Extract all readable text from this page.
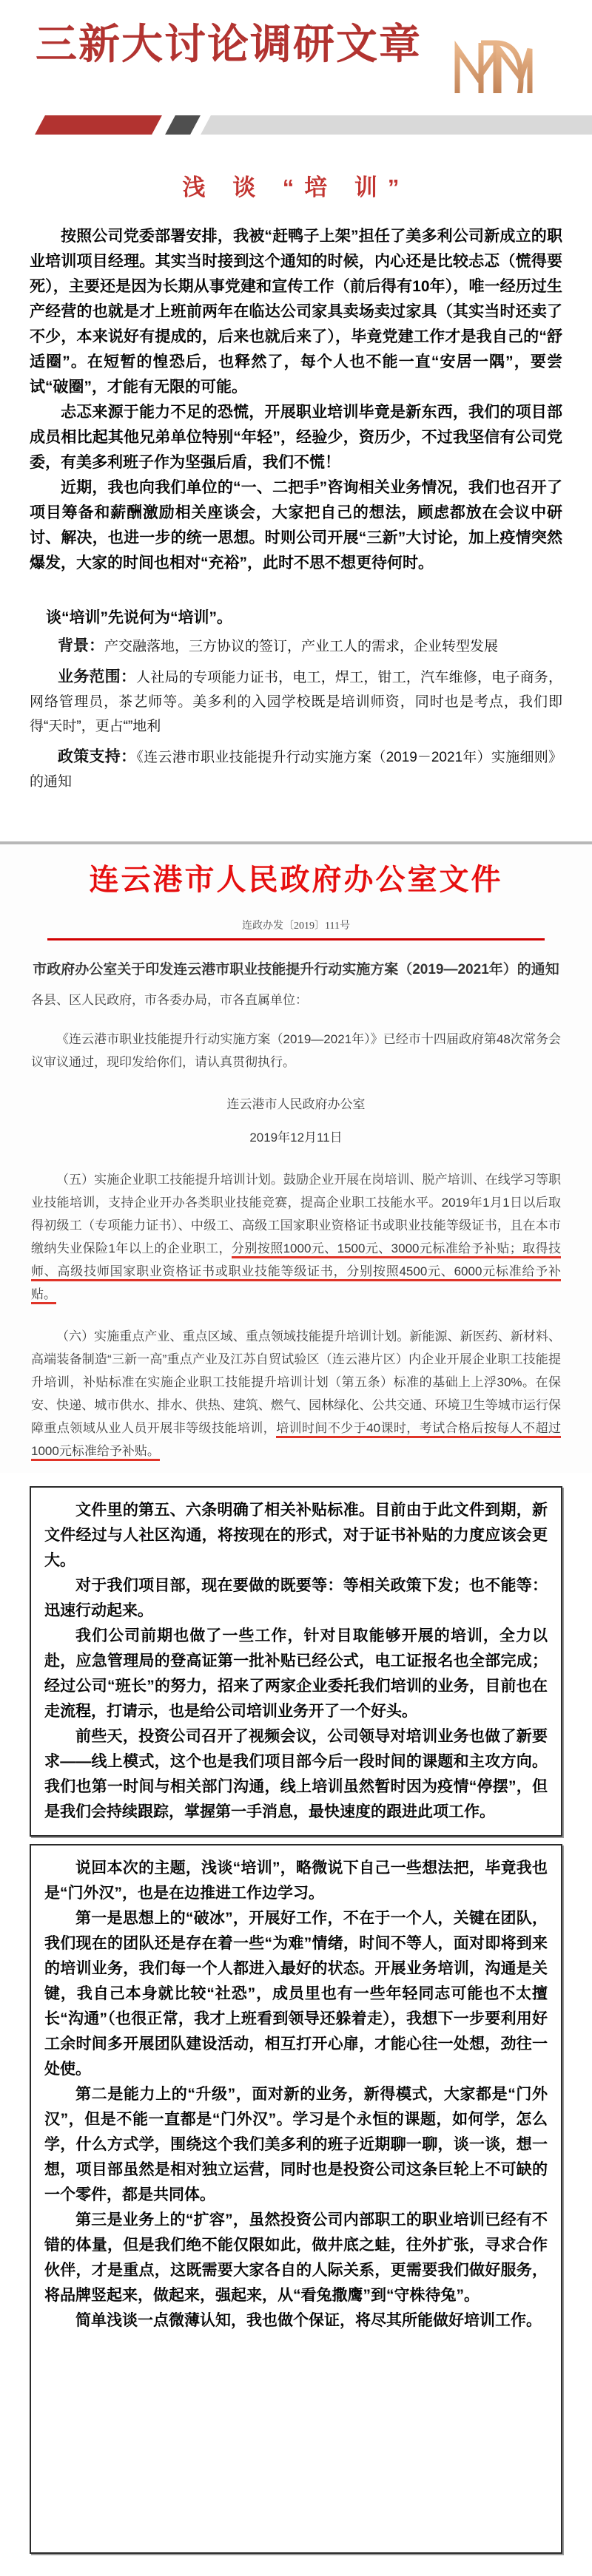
三新大讨论调研文章
浅 谈 “培 训”

按照公司党委部署安排，我被“赶鸭子上架”担任了美多利公司新成立的职业培训项目经理。其实当时接到这个通知的时候，内心还是比较忐忑（慌得要死），主要还是因为长期从事党建和宣传工作（前后得有10年），唯一经历过生产经营的也就是才上班前两年在临达公司家具卖场卖过家具（其实当时还卖了不少，本来说好有提成的，后来也就后来了），毕竟党建工作才是我自己的“舒适圈”。在短暂的惶恐后，也释然了，每个人也不能一直“安居一隅”，要尝试“破圈”，才能有无限的可能。

忐忑来源于能力不足的恐慌，开展职业培训毕竟是新东西，我们的项目部成员相比起其他兄弟单位特别“年轻”，经验少，资历少，不过我坚信有公司党委，有美多利班子作为坚强后盾，我们不慌！

近期，我也向我们单位的“一、二把手”咨询相关业务情况，我们也召开了项目筹备和薪酬激励相关座谈会，大家把自己的想法，顾虑都放在会议中研讨、解决，也进一步的统一思想。时则公司开展“三新”大讨论，加上疫情突然爆发，大家的时间也相对“充裕”，此时不思不想更待何时。

谈“培训”先说何为“培训”。
背景：产交融落地，三方协议的签订，产业工人的需求，企业转型发展
业务范围：人社局的专项能力证书，电工，焊工，钳工，汽车维修，电子商务，网络管理员，茶艺师等。美多利的入园学校既是培训师资，同时也是考点，我们即得“天时”，更占“”地利
政策支持：《连云港市职业技能提升行动实施方案（2019－2021年）实施细则》的通知
连云港市人民政府办公室文件
连政办发〔2019〕111号
市政府办公室关于印发连云港市职业技能提升行动实施方案（2019—2021年）的通知
各县、区人民政府，市各委办局，市各直属单位：
《连云港市职业技能提升行动实施方案（2019—2021年）》已经市十四届政府第48次常务会议审议通过，现印发给你们，请认真贯彻执行。
连云港市人民政府办公室
2019年12月11日
（五）实施企业职工技能提升培训计划。鼓励企业开展在岗培训、脱产培训、在线学习等职业技能培训，支持企业开办各类职业技能竞赛，提高企业职工技能水平。2019年1月1日以后取得初级工（专项能力证书）、中级工、高级工国家职业资格证书或职业技能等级证书，且在本市缴纳失业保险1年以上的企业职工，分别按照1000元、1500元、3000元标准给予补贴；取得技师、高级技师国家职业资格证书或职业技能等级证书，分别按照4500元、6000元标准给予补贴。
（六）实施重点产业、重点区域、重点领域技能提升培训计划。新能源、新医药、新材料、高端装备制造“三新一高”重点产业及江苏自贸试验区（连云港片区）内企业开展企业职工技能提升培训，补贴标准在实施企业职工技能提升培训计划（第五条）标准的基础上上浮30%。在保安、快递、城市供水、排水、供热、建筑、燃气、园林绿化、公共交通、环境卫生等城市运行保障重点领域从业人员开展非等级技能培训，培训时间不少于40课时，考试合格后按每人不超过1000元标准给予补贴。

文件里的第五、六条明确了相关补贴标准。目前由于此文件到期，新文件经过与人社区沟通，将按现在的形式，对于证书补贴的力度应该会更大。

对于我们项目部，现在要做的既要等：等相关政策下发；也不能等：迅速行动起来。

我们公司前期也做了一些工作，针对目取能够开展的培训，全力以赴，应急管理局的登高证第一批补贴已经公式，电工证报名也全部完成；经过公司“班长”的努力，招来了两家企业委托我们培训的业务，目前也在走流程，打请示，也是给公司培训业务开了一个好头。

前些天，投资公司召开了视频会议，公司领导对培训业务也做了新要求——线上模式，这个也是我们项目部今后一段时间的课题和主攻方向。我们也第一时间与相关部门沟通，线上培训虽然暂时因为疫情“停摆”，但是我们会持续跟踪，掌握第一手消息，最快速度的跟进此项工作。

说回本次的主题，浅谈“培训”，略微说下自己一些想法把，毕竟我也是“门外汉”，也是在边推进工作边学习。

第一是思想上的“破冰”，开展好工作，不在于一个人，关键在团队，我们现在的团队还是存在着一些“为难”情绪，时间不等人，面对即将到来的培训业务，我们每一个人都进入最好的状态。开展业务培训，沟通是关键，我自己本身就比较“社恐”，成员里也有一些年轻同志可能也不太擅长“沟通”（也很正常，我才上班看到领导还躲着走），我想下一步要利用好工余时间多开展团队建设活动，相互打开心扉，才能心往一处想，劲往一处使。

第二是能力上的“升级”，面对新的业务，新得模式，大家都是“门外汉”，但是不能一直都是“门外汉”。学习是个永恒的课题，如何学，怎么学，什么方式学，围绕这个我们美多利的班子近期聊一聊，谈一谈，想一想，项目部虽然是相对独立运营，同时也是投资公司这条巨轮上不可缺的一个零件，都是共同体。

第三是业务上的“扩容”，虽然投资公司内部职工的职业培训已经有不错的体量，但是我们绝不能仅限如此，做井底之蛙，往外扩张，寻求合作伙伴，才是重点，这既需要大家各自的人际关系，更需要我们做好服务，将品牌竖起来，做起来，强起来，从“看兔撒鹰”到“守株待兔”。

简单浅谈一点微薄认知，我也做个保证，将尽其所能做好培训工作。
